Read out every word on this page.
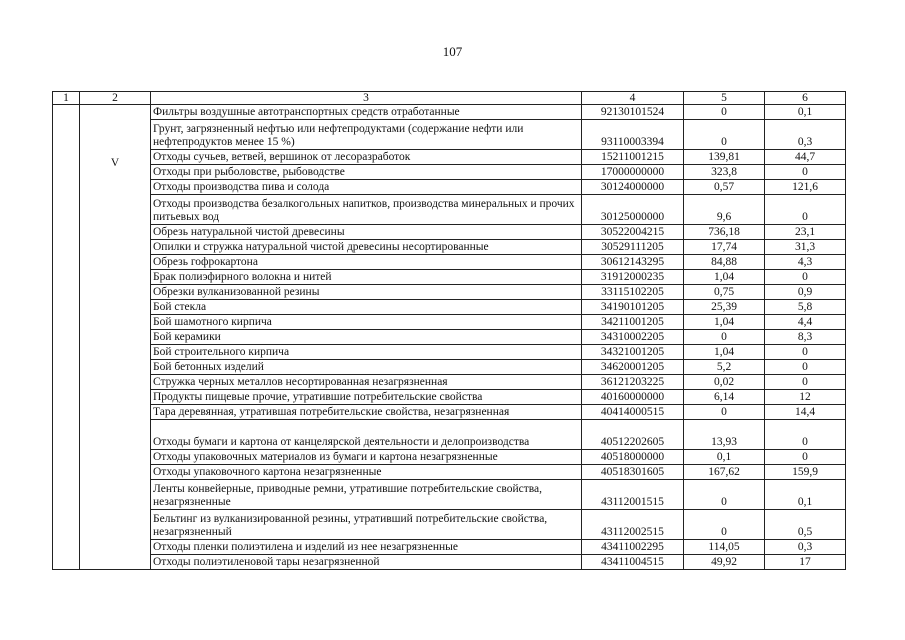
107
1	2	3	4	5	6

	V	Фильтры воздушные автотранспортных средств отработанные	92130101524	0	0,1
		Грунт, загрязненный нефтью или нефтепродуктами (содержание нефти или нефтепродуктов менее 15 %)	93110003394	0	0,3
		Отходы сучьев, ветвей, вершинок от лесоразработок	15211001215	139,81	44,7
		Отходы при рыболовстве, рыбоводстве	17000000000	323,8	0
		Отходы производства пива и солода	30124000000	0,57	121,6
		Отходы производства безалкогольных напитков, производства минеральных и прочих питьевых вод	30125000000	9,6	0
		Обрезь натуральной чистой древесины	30522004215	736,18	23,1
		Опилки и стружка натуральной чистой древесины несортированные	30529111205	17,74	31,3
		Обрезь гофрокартона	30612143295	84,88	4,3
		Брак полиэфирного волокна и нитей	31912000235	1,04	0
		Обрезки вулканизованной резины	33115102205	0,75	0,9
		Бой стекла	34190101205	25,39	5,8
		Бой шамотного кирпича	34211001205	1,04	4,4
		Бой керамики	34310002205	0	8,3
		Бой строительного кирпича	34321001205	1,04	0
		Бой бетонных изделий	34620001205	5,2	0
		Стружка черных металлов несортированная незагрязненная	36121203225	0,02	0
		Продукты пищевые прочие, утратившие потребительские свойства	40160000000	6,14	12
		Тара деревянная, утратившая потребительские свойства, незагрязненная	40414000515	0	14,4
		Отходы бумаги и картона от канцелярской деятельности и делопроизводства	40512202605	13,93	0
		Отходы упаковочных материалов из бумаги и картона незагрязненные	40518000000	0,1	0
		Отходы упаковочного картона незагрязненные	40518301605	167,62	159,9
		Ленты конвейерные, приводные ремни, утратившие потребительские свойства, незагрязненные	43112001515	0	0,1
		Бельтинг из вулканизированной резины, утративший потребительские свойства, незагрязненный	43112002515	0	0,5
		Отходы пленки полиэтилена и изделий из нее незагрязненные	43411002295	114,05	0,3
		Отходы полиэтиленовой тары незагрязненной	43411004515	49,92	17
